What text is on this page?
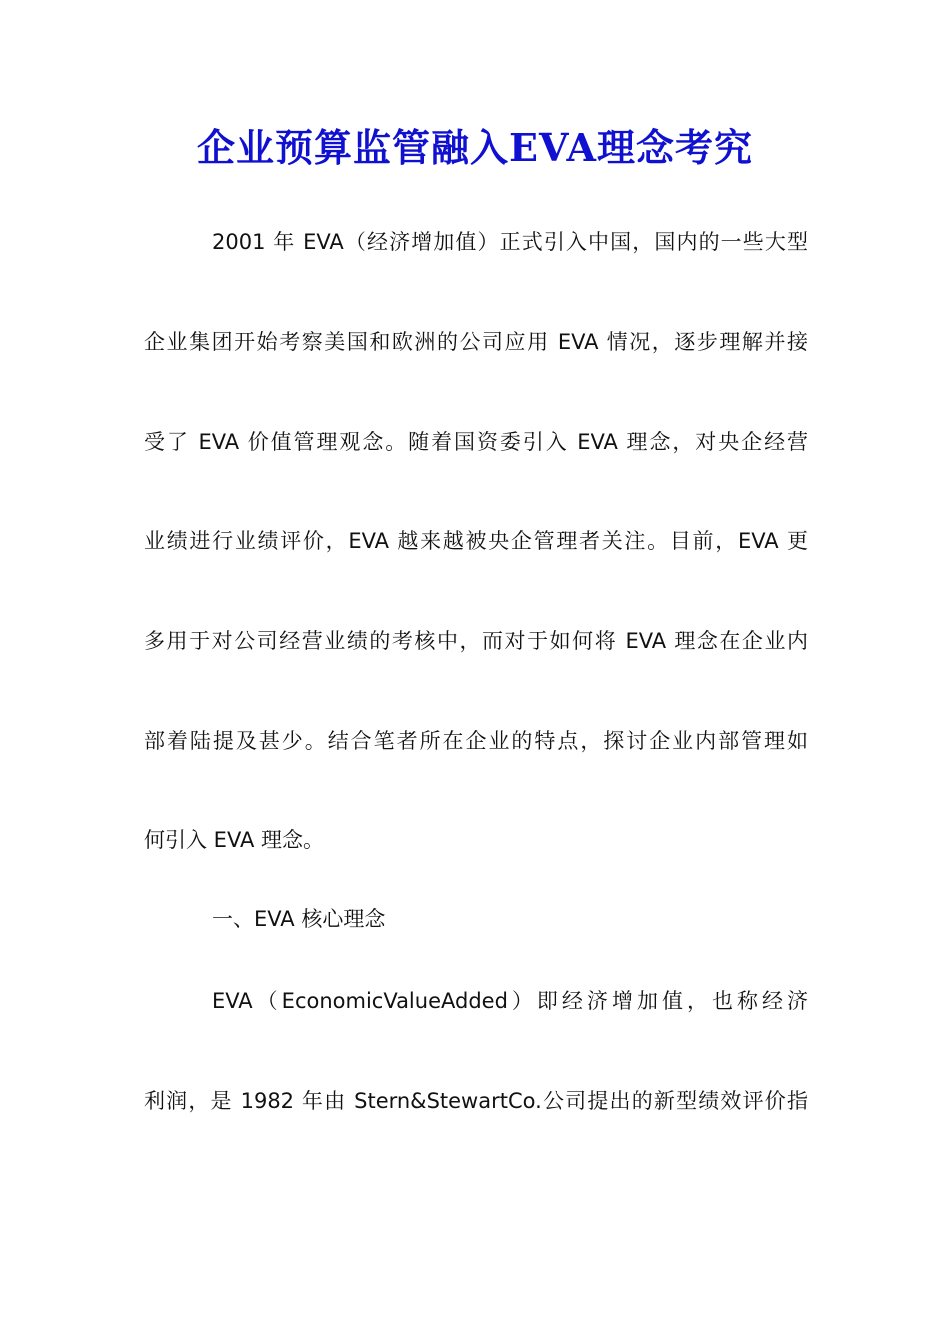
企业预算监管融入EVA理念考究
2001 年 EVA（经济增加值）正式引入中国，国内的一些大型
企业集团开始考察美国和欧洲的公司应用 EVA 情况，逐步理解并接
受了 EVA 价值管理观念。随着国资委引入 EVA 理念，对央企经营
业绩进行业绩评价，EVA 越来越被央企管理者关注。目前，EVA 更
多用于对公司经营业绩的考核中，而对于如何将 EVA 理念在企业内
部着陆提及甚少。结合笔者所在企业的特点，探讨企业内部管理如
何引入 EVA 理念。
一、EVA 核心理念
EVA（EconomicValueAdded）即经济增加值，也称经济
利润，是 1982 年由 Stern&StewartCo.公司提出的新型绩效评价指
